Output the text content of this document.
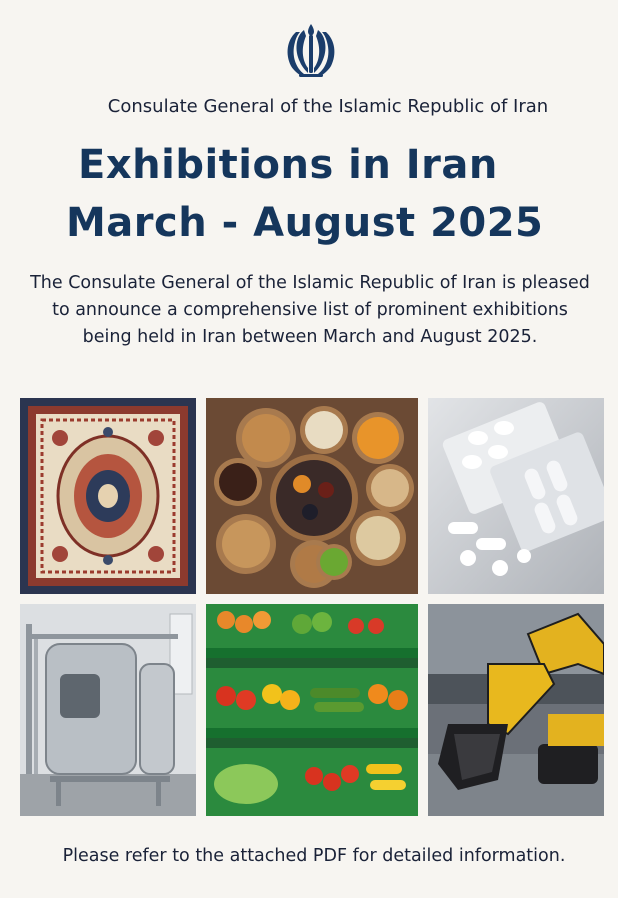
Consulate General of the Islamic Republic of Iran
Exhibitions in Iran
March - August 2025
The Consulate General of the Islamic Republic of Iran is pleased to announce a comprehensive list of prominent exhibitions being held in Iran between March and August 2025.
Please refer to the attached PDF for detailed information.
